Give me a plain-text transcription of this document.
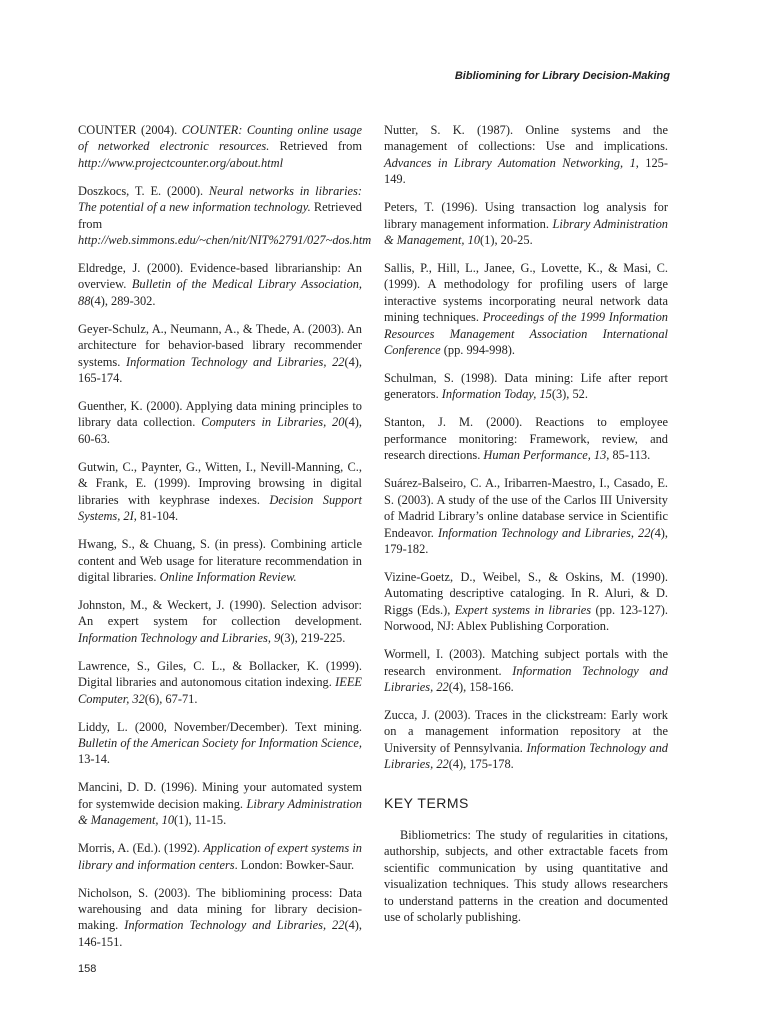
Bibliomining for Library Decision-Making

COUNTER (2004). COUNTER: Counting online usage of networked electronic resources. Retrieved from http://www.projectcounter.org/about.html

Doszkocs, T. E. (2000). Neural networks in libraries: The potential of a new information technology. Retrieved from http://web.simmons.edu/~chen/nit/NIT%2791/027~dos.htm

Eldredge, J. (2000). Evidence-based librarianship: An overview. Bulletin of the Medical Library Association, 88(4), 289-302.

Geyer-Schulz, A., Neumann, A., & Thede, A. (2003). An architecture for behavior-based library recommender systems. Information Technology and Libraries, 22(4), 165-174.

Guenther, K. (2000). Applying data mining principles to library data collection. Computers in Libraries, 20(4), 60-63.

Gutwin, C., Paynter, G., Witten, I., Nevill-Manning, C., & Frank, E. (1999). Improving browsing in digital libraries with keyphrase indexes. Decision Support Systems, 2I, 81-104.

Hwang, S., & Chuang, S. (in press). Combining article content and Web usage for literature recommendation in digital libraries. Online Information Review.

Johnston, M., & Weckert, J. (1990). Selection advisor: An expert system for collection development. Information Technology and Libraries, 9(3), 219-225.

Lawrence, S., Giles, C. L., & Bollacker, K. (1999). Digital libraries and autonomous citation indexing. IEEE Computer, 32(6), 67-71.

Liddy, L. (2000, November/December). Text mining. Bulletin of the American Society for Information Science, 13-14.

Mancini, D. D. (1996). Mining your automated system for systemwide decision making. Library Administration & Management, 10(1), 11-15.

Morris, A. (Ed.). (1992). Application of expert systems in library and information centers. London: Bowker-Saur.

Nicholson, S. (2003). The bibliomining process: Data warehousing and data mining for library decision-making. Information Technology and Libraries, 22(4), 146-151.

Nutter, S. K. (1987). Online systems and the management of collections: Use and implications. Advances in Library Automation Networking, 1, 125-149.

Peters, T. (1996). Using transaction log analysis for library management information. Library Administration & Management, 10(1), 20-25.

Sallis, P., Hill, L., Janee, G., Lovette, K., & Masi, C. (1999). A methodology for profiling users of large interactive systems incorporating neural network data mining techniques. Proceedings of the 1999 Information Resources Management Association International Conference (pp. 994-998).

Schulman, S. (1998). Data mining: Life after report generators. Information Today, 15(3), 52.

Stanton, J. M. (2000). Reactions to employee performance monitoring: Framework, review, and research directions. Human Performance, 13, 85-113.

Suárez-Balseiro, C. A., Iribarren-Maestro, I., Casado, E. S. (2003). A study of the use of the Carlos III University of Madrid Library’s online database service in Scientific Endeavor. Information Technology and Libraries, 22(4), 179-182.

Vizine-Goetz, D., Weibel, S., & Oskins, M. (1990). Automating descriptive cataloging. In R. Aluri, & D. Riggs (Eds.), Expert systems in libraries (pp. 123-127). Norwood, NJ: Ablex Publishing Corporation.

Wormell, I. (2003). Matching subject portals with the research environment. Information Technology and Libraries, 22(4), 158-166.

Zucca, J. (2003). Traces in the clickstream: Early work on a management information repository at the University of Pennsylvania. Information Technology and Libraries, 22(4), 175-178.

KEY TERMS

Bibliometrics: The study of regularities in citations, authorship, subjects, and other extractable facets from scientific communication by using quantitative and visualization techniques. This study allows researchers to understand patterns in the creation and documented use of scholarly publishing.

158
